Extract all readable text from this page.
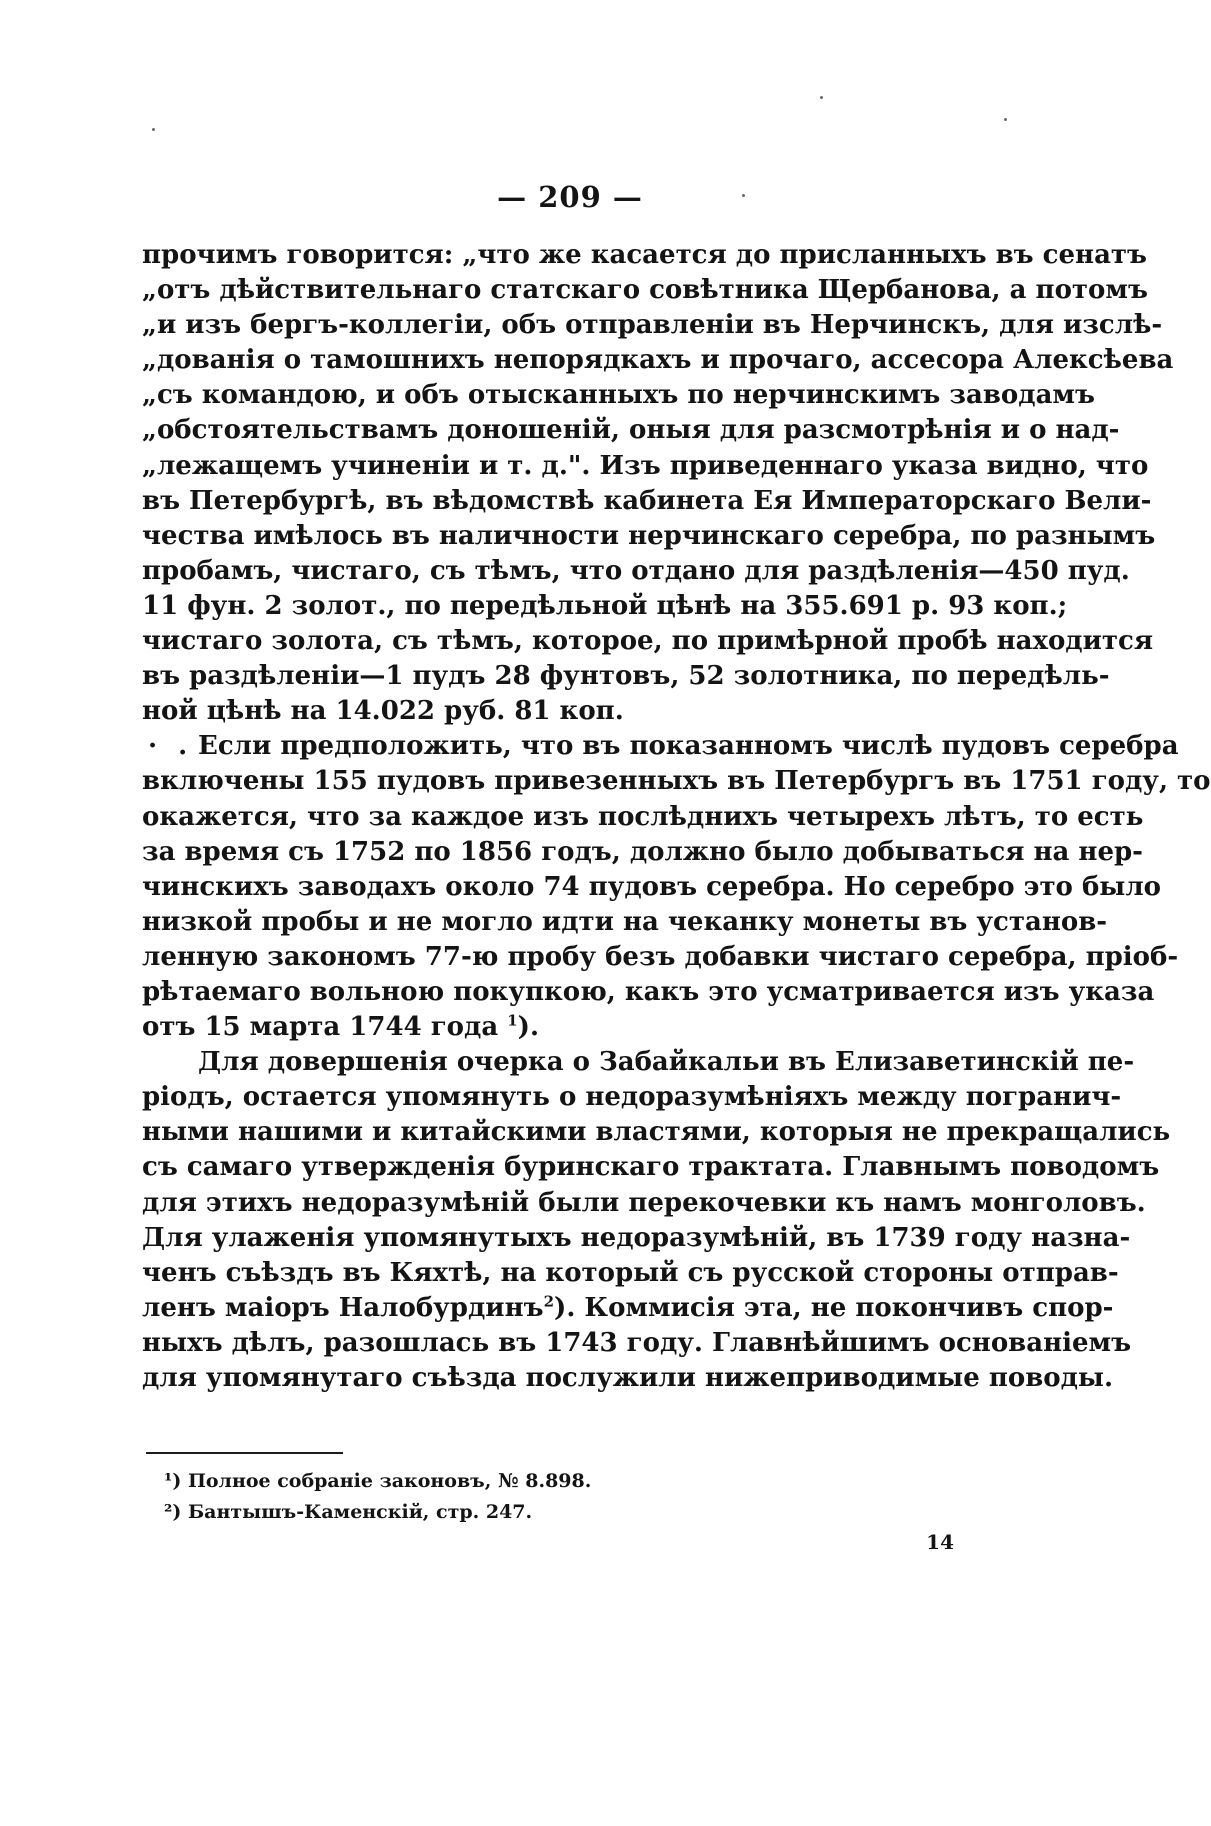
— 209 —
прочимъ говорится: „что же касается до присланныхъ въ сенатъ
„отъ дѣйствительнаго статскаго совѣтника Щербанова, а потомъ
„и изъ бергъ-коллегіи, объ отправленіи въ Нерчинскъ, для изслѣ-
„дованія о тамошнихъ непорядкахъ и прочаго, ассесора Алексѣева
„съ командою, и объ отысканныхъ по нерчинскимъ заводамъ
„обстоятельствамъ доношеній, оныя для разсмотрѣнія и о над-
„лежащемъ учиненіи и т. д.". Изъ приведеннаго указа видно, что
въ Петербургѣ, въ вѣдомствѣ кабинета Ея Императорскаго Вели-
чества имѣлось въ наличности нерчинскаго серебра, по разнымъ
пробамъ, чистаго, съ тѣмъ, что отдано для раздѣленія—450 пуд.
11 фун. 2 золот., по передѣльной цѣнѣ на 355.691 р. 93 коп.;
чистаго золота, съ тѣмъ, которое, по примѣрной пробѣ находится
въ раздѣленіи—1 пудъ 28 фунтовъ, 52 золотника, по передѣль-
ной цѣнѣ на 14.022 руб. 81 коп.
· . Если предположить, что въ показанномъ числѣ пудовъ серебра
включены 155 пудовъ привезенныхъ въ Петербургъ въ 1751 году, то
окажется, что за каждое изъ послѣднихъ четырехъ лѣтъ, то есть
за время съ 1752 по 1856 годъ, должно было добываться на нер-
чинскихъ заводахъ около 74 пудовъ серебра. Но серебро это было
низкой пробы и не могло идти на чеканку монеты въ установ-
ленную закономъ 77-ю пробу безъ добавки чистаго серебра, пріоб-
рѣтаемаго вольною покупкою, какъ это усматривается изъ указа
отъ 15 марта 1744 года $^1$).
Для довершенія очерка о Забайкальи въ Елизаветинскій пе-
ріодъ, остается упомянуть о недоразумѣніяхъ между погранич-
ными нашими и китайскими властями, которыя не прекращались
съ самаго утвержденія буринскаго трактата. Главнымъ поводомъ
для этихъ недоразумѣній были перекочевки къ намъ монголовъ.
Для улаженія упомянутыхъ недоразумѣній, въ 1739 году назна-
ченъ съѣздъ въ Кяхтѣ, на который съ русской стороны отправ-
ленъ маіоръ Налобурдинъ$^2$). Коммисія эта, не покончивъ спор-
ныхъ дѣлъ, разошлась въ 1743 году. Главнѣйшимъ основаніемъ
для упомянутаго съѣзда послужили нижеприводимые поводы.
¹) Полное собраніе законовъ, № 8.898.
²) Бантышъ-Каменскій, стр. 247.
14
